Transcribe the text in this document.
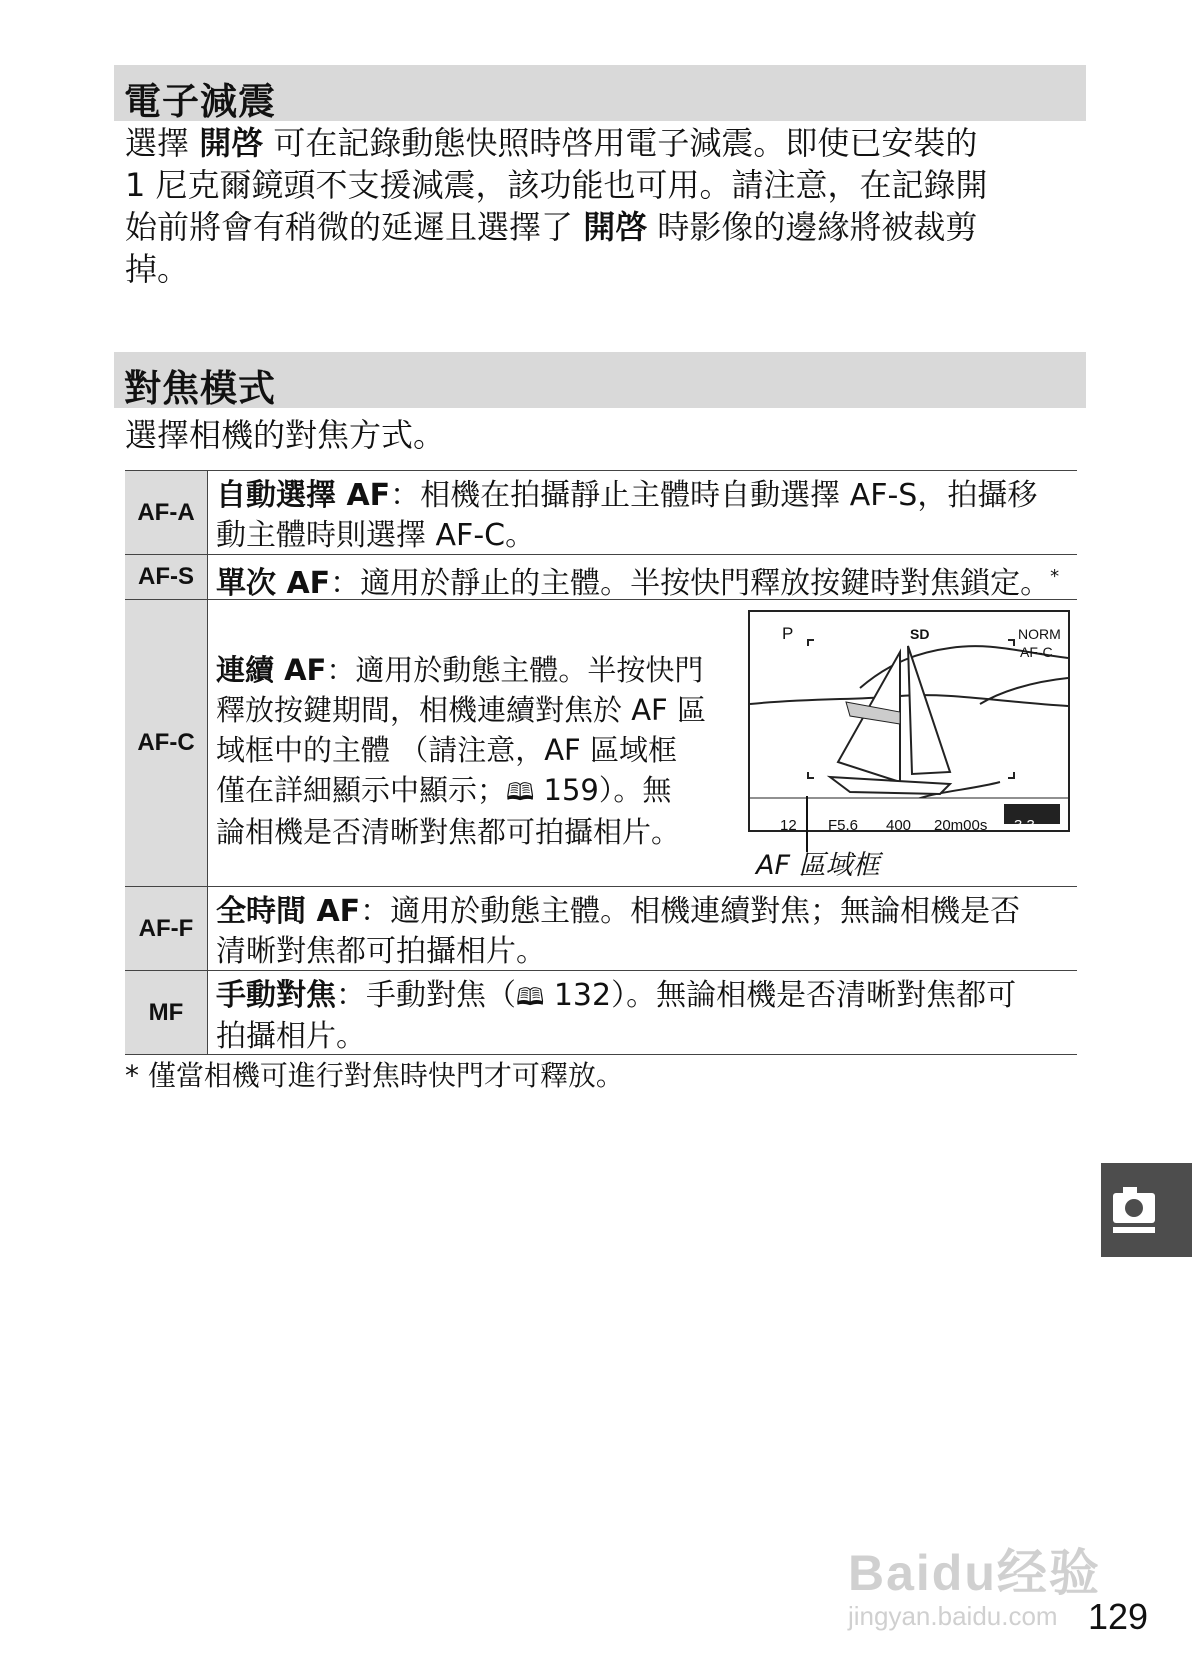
電子減震

選擇 開啓 可在記錄動態快照時啓用電子減震。即使已安裝的

1 尼克爾鏡頭不支援減震，該功能也可用。請注意，在記錄開

始前將會有稍微的延遲且選擇了 開啓 時影像的邊緣將被裁剪

掉。

對焦模式
選擇相機的對焦方式。
AF-A 自動選擇 AF：相機在拍攝靜止主體時自動選擇 AF-S，拍攝移

動主體時則選擇 AF-C。

AF-S 單次 AF：適用於靜止的主體。半按快門釋放按鍵時對焦鎖定。*

AF-C

連續 AF：適用於動態主體。半按快門

釋放按鍵期間，相機連續對焦於 AF 區

域框中的主體 （請注意，AF 區域框

僅在詳細顯示中顯示；🕮 159）。無

論相機是否清晰對焦都可拍攝相片。

P	SD	NORM
AF-C
12 F5.6 400 20m00s 3.3
AF 區域框
AF-F 全時間 AF：適用於動態主體。相機連續對焦；無論相機是否

清晰對焦都可拍攝相片。

MF	手動對焦：手動對焦（🕮 132）。無論相機是否清晰對焦都可

拍攝相片。

* 僅當相機可進行對焦時快門才可釋放。
Baidu经验
jingyan.baidu.com 129
